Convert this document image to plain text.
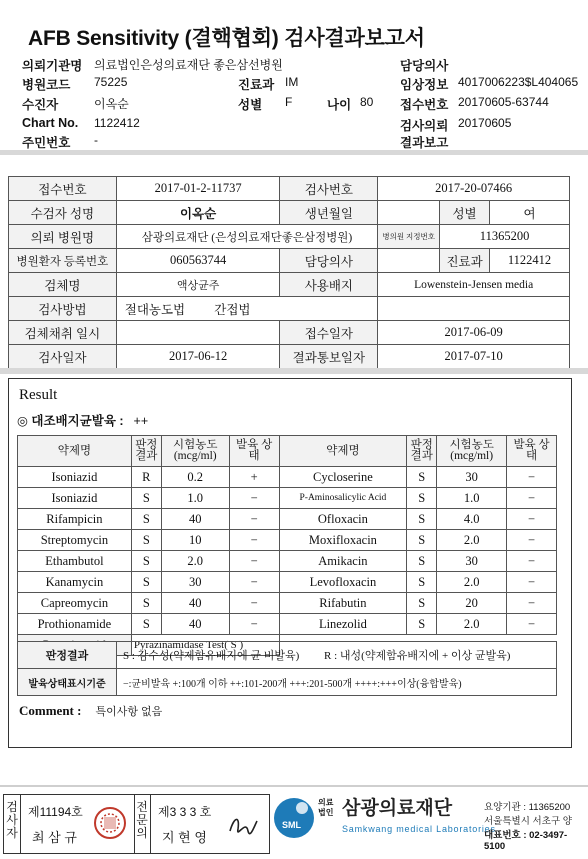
AFB Sensitivity (결핵협회) 검사결과보고서
의뢰기관명 의료법인은성의료재단 좋은삼선병원
병원코드 75225
수진자	이옥순
Chart No. 1122412
주민번호 -
진료과 IM
성별 F	나이 80
담당의사
임상정보 4017006223$L404065
접수번호 20170605-63744
검사의뢰 20170605
결과보고
접수번호	2017-01-2-11737	검사번호	2017-20-07466		
수검자 성명	이옥순	생년월일		성별	여
의뢰 병원명	삼광의료재단 (은성의료재단좋은삼정병원)		병의원 지정번호	11365200	
병원환자 등록번호	060563744	담당의사		진료과	1122412
검체명	액상균주	사용배지	Lowenstein-Jensen media		
검사방법	절대농도법 간접법				
검체채취 일시		접수일자	2017-06-09		
검사일자	2017-06-12	결과통보일자	2017-07-10		
Result
◎ 대조배지균발육 : ++
약제명	판정 결과	시험농도 (mcg/ml)	발육 상태	약제명	판정 결과	시험농도 (mcg/ml)	발육 상태
Isoniazid	R	0.2	+	Cycloserine	S	30	−
Isoniazid	S	1.0	−	P-Aminosalicylic Acid	S	1.0	−
Rifampicin	S	40	−	Ofloxacin	S	4.0	−
Streptomycin	S	10	−	Moxifloxacin	S	2.0	−
Ethambutol	S	2.0	−	Amikacin	S	30	−
Kanamycin	S	30	−	Levofloxacin	S	2.0	−
Capreomycin	S	40	−	Rifabutin	S	20	−
Prothionamide	S	40	−	Linezolid	S	2.0	−
	Pyrazinamidase Test( S )						
판정결과	S : 감수성(약제함유배지에 균 비발육) R : 내성(약제함유배지에 + 이상 균발육)
발육상태표시기준	−:균비발육 +:100개 이하 ++:101-200개 +++:201-500개 ++++:+++이상(융합발육)
Comment : 특이사항 없음
검사자
제11194호
최 삼 규
전문의
제3 3 3 호
지 현 영
SML
의료 법인 삼광의료재단
Samkwang medical Laboratories
요양기관 : 11365200
서울특별시 서초구 양
대표번호 : 02-3497-5100
